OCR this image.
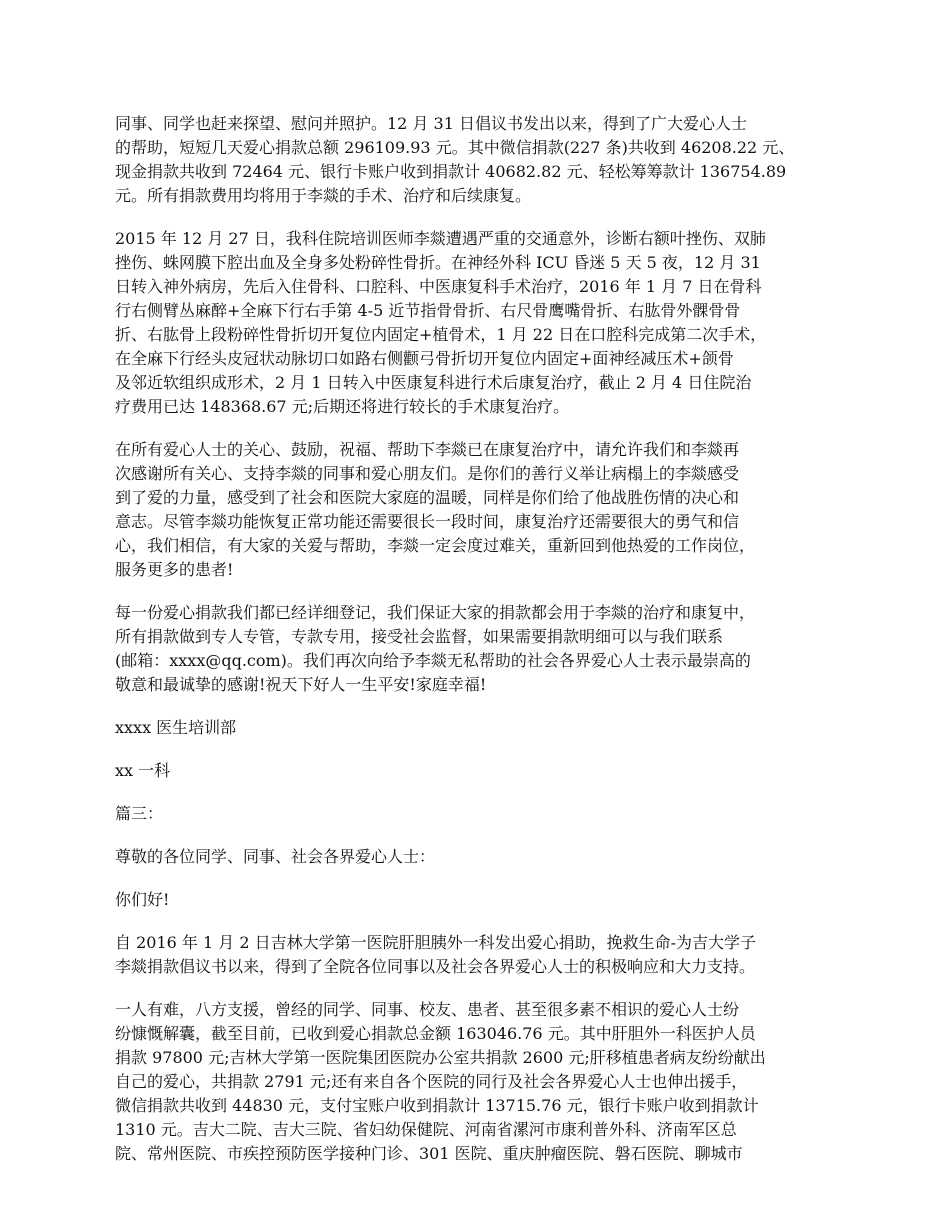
同事、同学也赶来探望、慰问并照护。12 月 31 日倡议书发出以来，得到了广大爱心人士
的帮助，短短几天爱心捐款总额 296109.93 元。其中微信捐款(227 条)共收到 46208.22 元、
现金捐款共收到 72464 元、银行卡账户收到捐款计 40682.82 元、轻松筹筹款计 136754.89
元。所有捐款费用均将用于李燚的手术、治疗和后续康复。

2015 年 12 月 27 日，我科住院培训医师李燚遭遇严重的交通意外，诊断右额叶挫伤、双肺
挫伤、蛛网膜下腔出血及全身多处粉碎性骨折。在神经外科 ICU 昏迷 5 天 5 夜，12 月 31
日转入神外病房，先后入住骨科、口腔科、中医康复科手术治疗，2016 年 1 月 7 日在骨科
行右侧臂丛麻醉+全麻下行右手第 4-5 近节指骨骨折、右尺骨鹰嘴骨折、右肱骨外髁骨骨
折、右肱骨上段粉碎性骨折切开复位内固定+植骨术，1 月 22 日在口腔科完成第二次手术，
在全麻下行经头皮冠状动脉切口如路右侧颧弓骨折切开复位内固定+面神经减压术+颌骨
及邻近软组织成形术，2 月 1 日转入中医康复科进行术后康复治疗，截止 2 月 4 日住院治
疗费用已达 148368.67 元;后期还将进行较长的手术康复治疗。

在所有爱心人士的关心、鼓励，祝福、帮助下李燚已在康复治疗中，请允许我们和李燚再
次感谢所有关心、支持李燚的同事和爱心朋友们。是你们的善行义举让病榻上的李燚感受
到了爱的力量，感受到了社会和医院大家庭的温暖，同样是你们给了他战胜伤情的决心和
意志。尽管李燚功能恢复正常功能还需要很长一段时间，康复治疗还需要很大的勇气和信
心，我们相信，有大家的关爱与帮助，李燚一定会度过难关，重新回到他热爱的工作岗位，
服务更多的患者!

每一份爱心捐款我们都已经详细登记，我们保证大家的捐款都会用于李燚的治疗和康复中，
所有捐款做到专人专管，专款专用，接受社会监督，如果需要捐款明细可以与我们联系
(邮箱：xxxx@qq.com)。我们再次向给予李燚无私帮助的社会各界爱心人士表示最崇高的
敬意和最诚挚的感谢!祝天下好人一生平安!家庭幸福!

xxxx 医生培训部

xx 一科

篇三：

尊敬的各位同学、同事、社会各界爱心人士：

你们好!

自 2016 年 1 月 2 日吉林大学第一医院肝胆胰外一科发出爱心捐助，挽救生命-为吉大学子
李燚捐款倡议书以来，得到了全院各位同事以及社会各界爱心人士的积极响应和大力支持。

一人有难，八方支援，曾经的同学、同事、校友、患者、甚至很多素不相识的爱心人士纷
纷慷慨解囊，截至目前，已收到爱心捐款总金额 163046.76 元。其中肝胆外一科医护人员
捐款 97800 元;吉林大学第一医院集团医院办公室共捐款 2600 元;肝移植患者病友纷纷献出
自己的爱心，共捐款 2791 元;还有来自各个医院的同行及社会各界爱心人士也伸出援手，
微信捐款共收到 44830 元，支付宝账户收到捐款计 13715.76 元，银行卡账户收到捐款计
1310 元。吉大二院、吉大三院、省妇幼保健院、河南省漯河市康利普外科、济南军区总
院、常州医院、市疾控预防医学接种门诊、301 医院、重庆肿瘤医院、磐石医院、聊城市
